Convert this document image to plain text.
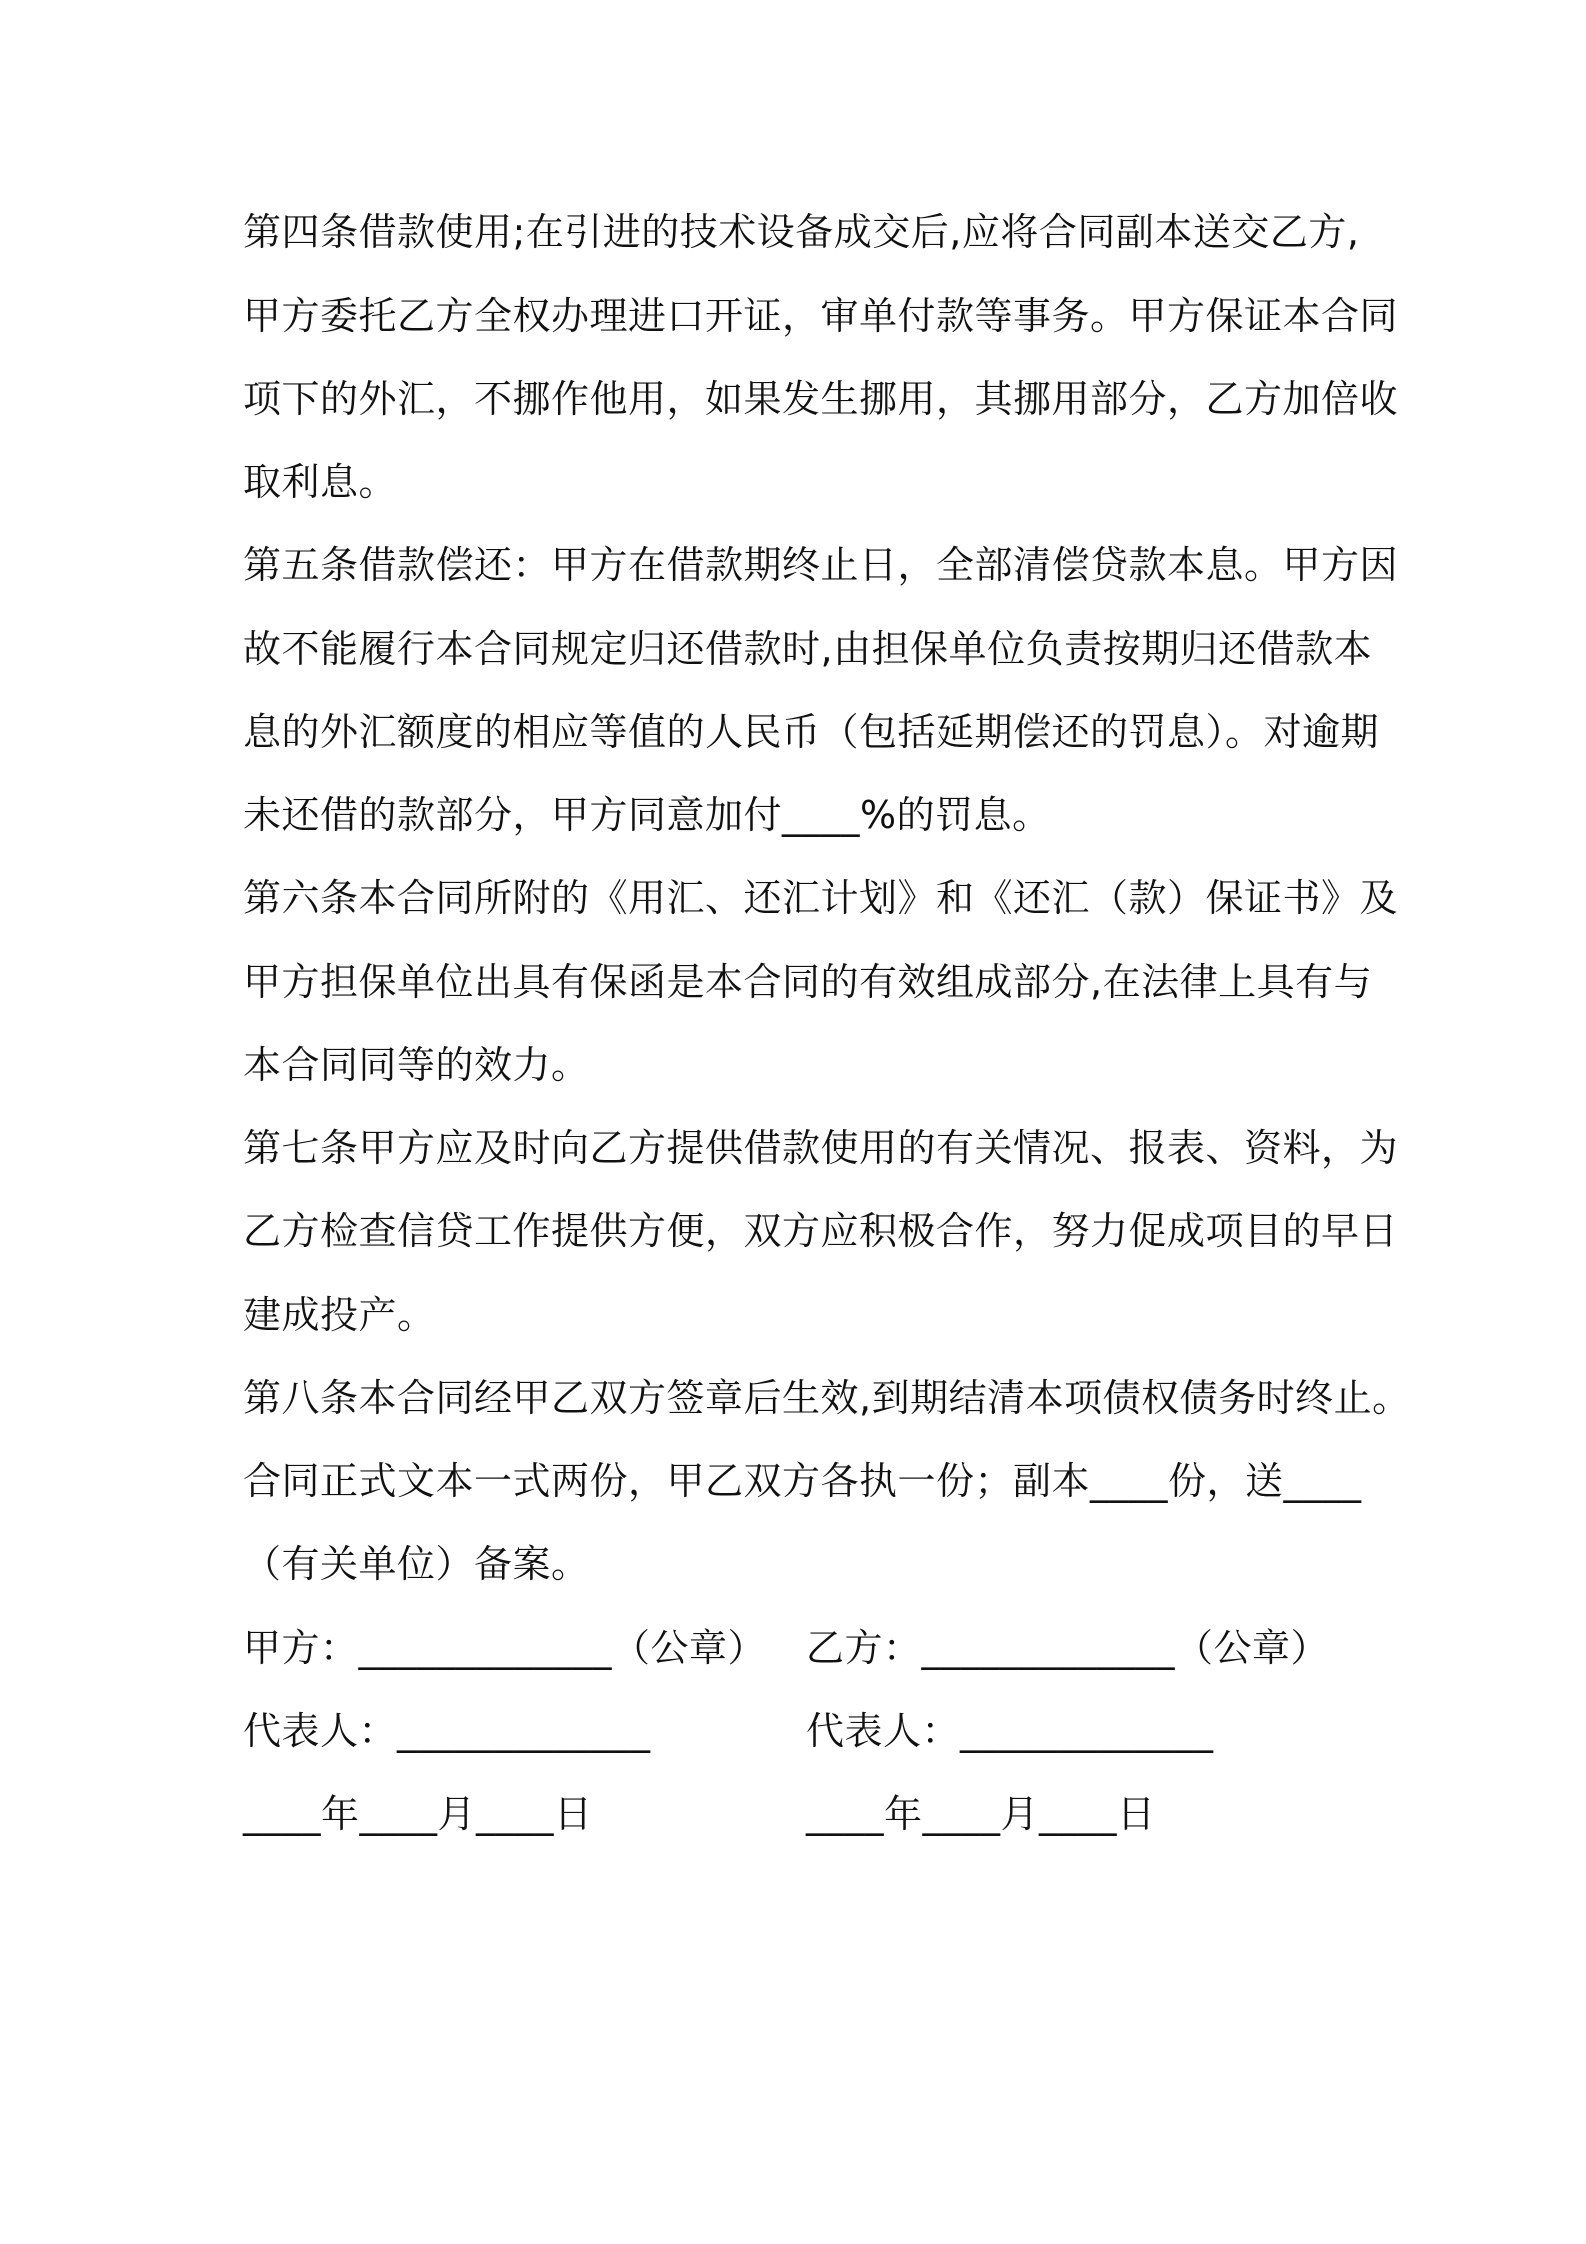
第四条借款使用;在引进的技术设备成交后,应将合同副本送交乙方,
甲方委托乙方全权办理进口开证，审单付款等事务。甲方保证本合同
项下的外汇，不挪作他用，如果发生挪用，其挪用部分，乙方加倍收
取利息。
第五条借款偿还：甲方在借款期终止日，全部清偿贷款本息。甲方因
故不能履行本合同规定归还借款时,由担保单位负责按期归还借款本
息的外汇额度的相应等值的人民币（包括延期偿还的罚息）。对逾期
未还借的款部分，甲方同意加付____%的罚息。
第六条本合同所附的《用汇、还汇计划》和《还汇（款）保证书》及
甲方担保单位出具有保函是本合同的有效组成部分,在法律上具有与
本合同同等的效力。
第七条甲方应及时向乙方提供借款使用的有关情况、报表、资料，为
乙方检查信贷工作提供方便，双方应积极合作，努力促成项目的早日
建成投产。
第八条本合同经甲乙双方签章后生效,到期结清本项债权债务时终止。
合同正式文本一式两份，甲乙双方各执一份；副本____份，送____
（有关单位）备案。
甲方：_____________（公章） 乙方：_____________（公章）
代表人：_____________	代表人：_____________
____年____月____日	____年____月____日
